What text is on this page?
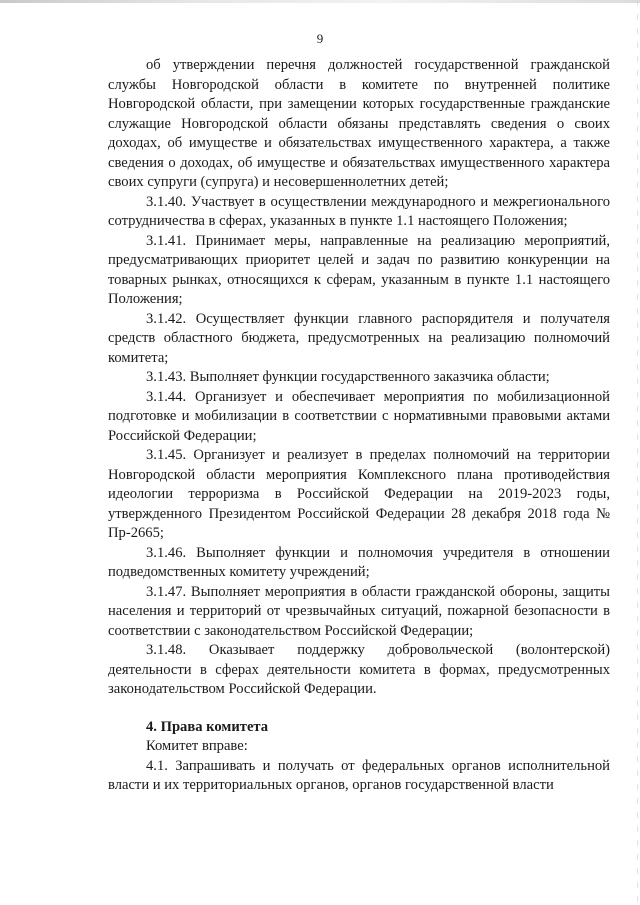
9

об утверждении перечня должностей государственной гражданской службы Новгородской области в комитете по внутренней политике Новгородской области, при замещении которых государственные гражданские служащие Новгородской области обязаны представлять сведения о своих доходах, об имуществе и обязательствах имущественного характера, а также сведения о доходах, об имуществе и обязательствах имущественного характера своих супруги (супруга) и несовершеннолетних детей;

3.1.40. Участвует в осуществлении международного и межрегионального сотрудничества в сферах, указанных в пункте 1.1 настоящего Положения;

3.1.41. Принимает меры, направленные на реализацию мероприятий, предусматривающих приоритет целей и задач по развитию конкуренции на товарных рынках, относящихся к сферам, указанным в пункте 1.1 настоящего Положения;

3.1.42. Осуществляет функции главного распорядителя и получателя средств областного бюджета, предусмотренных на реализацию полномочий комитета;

3.1.43. Выполняет функции государственного заказчика области;

3.1.44. Организует и обеспечивает мероприятия по мобилизационной подготовке и мобилизации в соответствии с нормативными правовыми актами Российской Федерации;

3.1.45. Организует и реализует в пределах полномочий на территории Новгородской области мероприятия Комплексного плана противодействия идеологии терроризма в Российской Федерации на 2019-2023 годы, утвержденного Президентом Российской Федерации 28 декабря 2018 года № Пр-2665;

3.1.46. Выполняет функции и полномочия учредителя в отношении подведомственных комитету учреждений;

3.1.47. Выполняет мероприятия в области гражданской обороны, защиты населения и территорий от чрезвычайных ситуаций, пожарной безопасности в соответствии с законодательством Российской Федерации;

3.1.48. Оказывает поддержку добровольческой (волонтерской) деятельности в сферах деятельности комитета в формах, предусмотренных законодательством Российской Федерации.

4. Права комитета

Комитет вправе:

4.1. Запрашивать и получать от федеральных органов исполнительной власти и их территориальных органов, органов государственной власти
